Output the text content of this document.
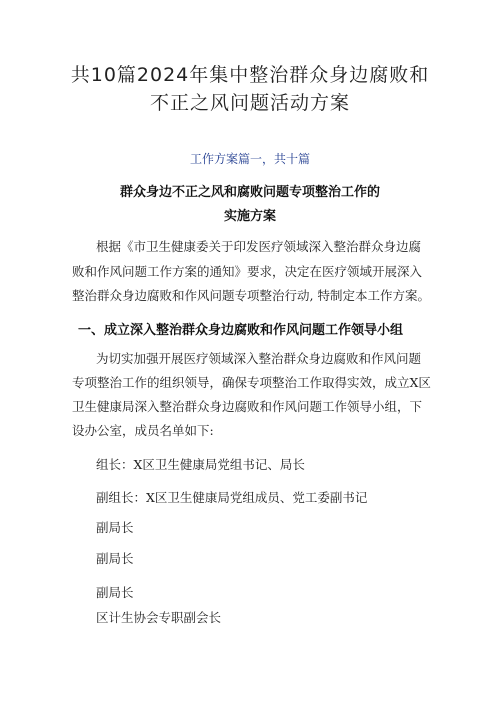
共10篇2024年集中整治群众身边腐败和
不正之风问题活动方案
工作方案篇一，共十篇
群众身边不正之风和腐败问题专项整治工作的
实施方案
根据《市卫生健康委关于印发医疗领域深入整治群众身边腐
败和作风问题工作方案的通知》要求，决定在医疗领域开展深入
整治群众身边腐败和作风问题专项整治行动, 特制定本工作方案。
一、成立深入整治群众身边腐败和作风问题工作领导小组
为切实加强开展医疗领域深入整治群众身边腐败和作风问题
专项整治工作的组织领导，确保专项整治工作取得实效，成立X区
卫生健康局深入整治群众身边腐败和作风问题工作领导小组，下
设办公室，成员名单如下:
组长：X区卫生健康局党组书记、局长
副组长：X区卫生健康局党组成员、党工委副书记
副局长
副局长
副局长
区计生协会专职副会长
